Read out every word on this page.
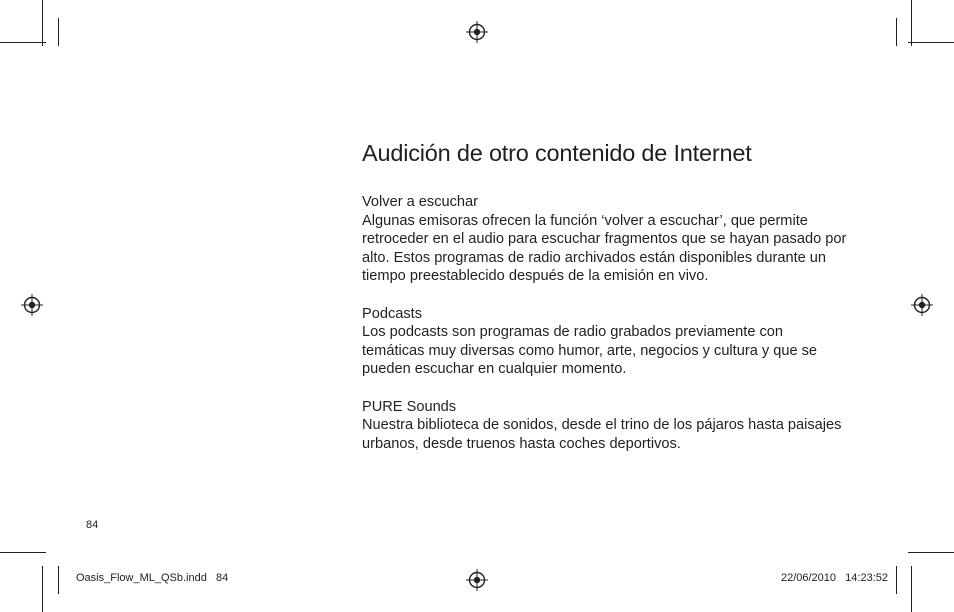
Audición de otro contenido de Internet

Volver a escuchar

Algunas emisoras ofrecen la función ‘volver a escuchar’, que permite retroceder en el audio para escuchar fragmentos que se hayan pasado por alto. Estos programas de radio archivados están disponibles durante un tiempo preestablecido después de la emisión en vivo.

Podcasts

Los podcasts son programas de radio grabados previamente con temáticas muy diversas como humor, arte, negocios y cultura y que se pueden escuchar en cualquier momento.

PURE Sounds

Nuestra biblioteca de sonidos, desde el trino de los pájaros hasta paisajes urbanos, desde truenos hasta coches deportivos.

84
Oasis_Flow_ML_QSb.indd   84	22/06/2010   14:23:52
